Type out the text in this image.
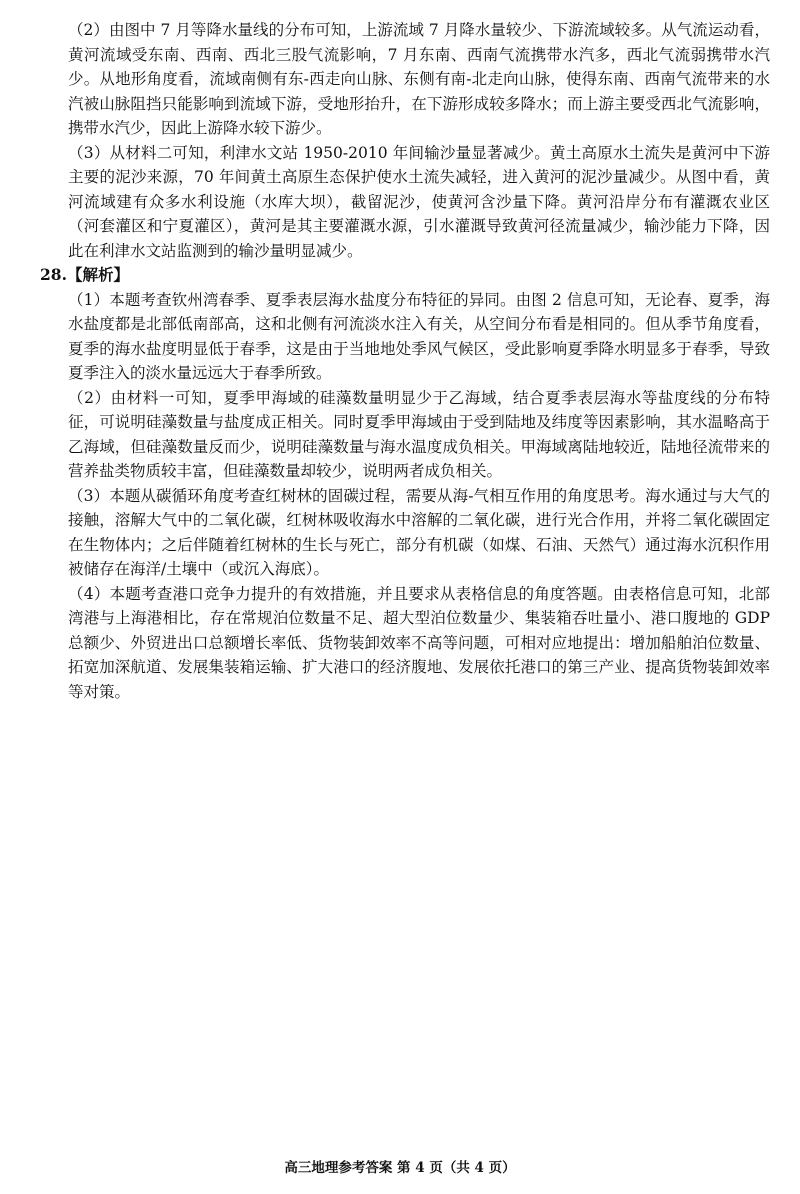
（2）由图中 7 月等降水量线的分布可知，上游流域 7 月降水量较少、下游流域较多。从气流运动看，黄河流域受东南、西南、西北三股气流影响，7 月东南、西南气流携带水汽多，西北气流弱携带水汽少。从地形角度看，流域南侧有东-西走向山脉、东侧有南-北走向山脉，使得东南、西南气流带来的水汽被山脉阻挡只能影响到流域下游，受地形抬升，在下游形成较多降水；而上游主要受西北气流影响，携带水汽少，因此上游降水较下游少。

（3）从材料二可知，利津水文站 1950-2010 年间输沙量显著减少。黄土高原水土流失是黄河中下游主要的泥沙来源，70 年间黄土高原生态保护使水土流失减轻，进入黄河的泥沙量减少。从图中看，黄河流域建有众多水利设施（水库大坝），截留泥沙，使黄河含沙量下降。黄河沿岸分布有灌溉农业区（河套灌区和宁夏灌区），黄河是其主要灌溉水源，引水灌溉导致黄河径流量减少，输沙能力下降，因此在利津水文站监测到的输沙量明显减少。

28.【解析】

（1）本题考查钦州湾春季、夏季表层海水盐度分布特征的异同。由图 2 信息可知，无论春、夏季，海水盐度都是北部低南部高，这和北侧有河流淡水注入有关，从空间分布看是相同的。但从季节角度看，夏季的海水盐度明显低于春季，这是由于当地地处季风气候区，受此影响夏季降水明显多于春季，导致夏季注入的淡水量远远大于春季所致。

（2）由材料一可知，夏季甲海域的硅藻数量明显少于乙海域，结合夏季表层海水等盐度线的分布特征，可说明硅藻数量与盐度成正相关。同时夏季甲海域由于受到陆地及纬度等因素影响，其水温略高于乙海域，但硅藻数量反而少，说明硅藻数量与海水温度成负相关。甲海域离陆地较近，陆地径流带来的营养盐类物质较丰富，但硅藻数量却较少，说明两者成负相关。

（3）本题从碳循环角度考查红树林的固碳过程，需要从海-气相互作用的角度思考。海水通过与大气的接触，溶解大气中的二氧化碳，红树林吸收海水中溶解的二氧化碳，进行光合作用，并将二氧化碳固定在生物体内；之后伴随着红树林的生长与死亡，部分有机碳（如煤、石油、天然气）通过海水沉积作用被储存在海洋/土壤中（或沉入海底）。

（4）本题考查港口竞争力提升的有效措施，并且要求从表格信息的角度答题。由表格信息可知，北部湾港与上海港相比，存在常规泊位数量不足、超大型泊位数量少、集装箱吞吐量小、港口腹地的 GDP 总额少、外贸进出口总额增长率低、货物装卸效率不高等问题，可相对应地提出：增加船舶泊位数量、拓宽加深航道、发展集装箱运输、扩大港口的经济腹地、发展依托港口的第三产业、提高货物装卸效率等对策。

高三地理参考答案 第 4 页（共 4 页）
